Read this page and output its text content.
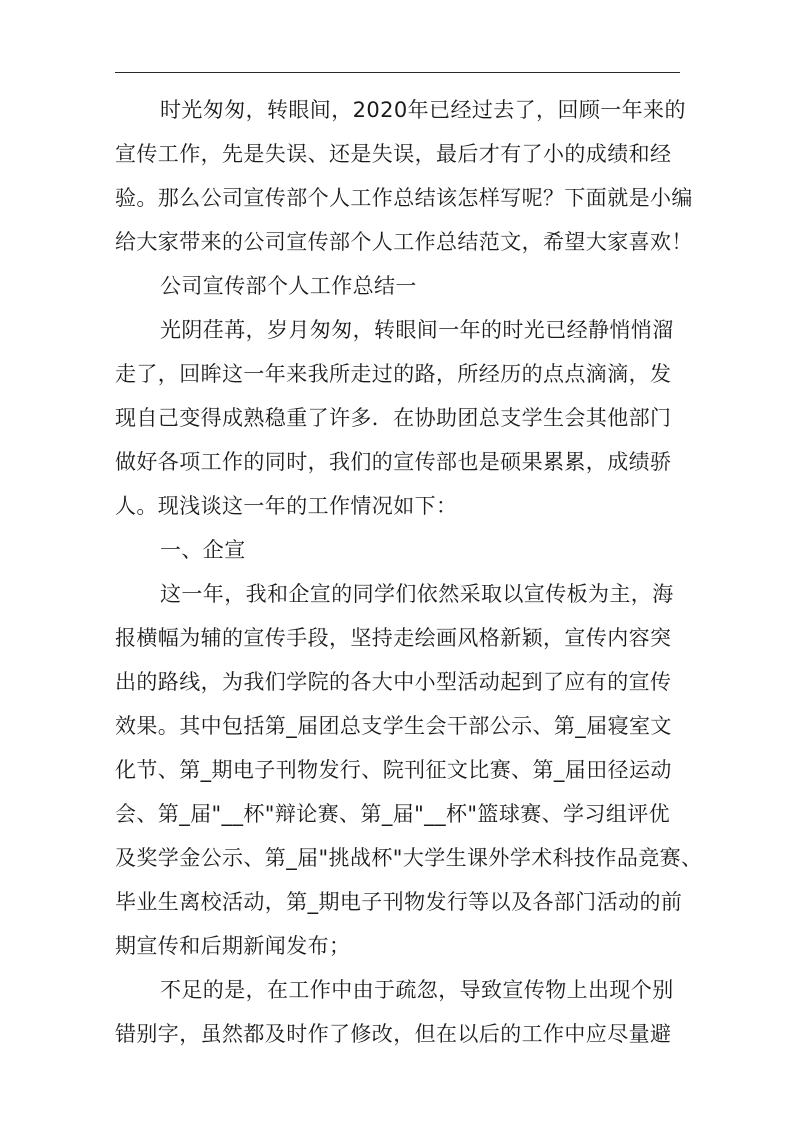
时光匆匆，转眼间，2020年已经过去了，回顾一年来的
宣传工作，先是失误、还是失误，最后才有了小的成绩和经
验。那么公司宣传部个人工作总结该怎样写呢？下面就是小编
给大家带来的公司宣传部个人工作总结范文，希望大家喜欢！
公司宣传部个人工作总结一
光阴荏苒，岁月匆匆，转眼间一年的时光已经静悄悄溜
走了，回眸这一年来我所走过的路，所经历的点点滴滴，发
现自己变得成熟稳重了许多．在协助团总支学生会其他部门
做好各项工作的同时，我们的宣传部也是硕果累累，成绩骄
人。现浅谈这一年的工作情况如下：
一、企宣
这一年，我和企宣的同学们依然采取以宣传板为主，海
报横幅为辅的宣传手段，坚持走绘画风格新颖，宣传内容突
出的路线，为我们学院的各大中小型活动起到了应有的宣传
效果。其中包括第_届团总支学生会干部公示、第_届寝室文
化节、第_期电子刊物发行、院刊征文比赛、第_届田径运动
会、第_届"__杯"辩论赛、第_届"__杯"篮球赛、学习组评优
及奖学金公示、第_届"挑战杯"大学生课外学术科技作品竞赛、
毕业生离校活动，第_期电子刊物发行等以及各部门活动的前
期宣传和后期新闻发布；
不足的是，在工作中由于疏忽，导致宣传物上出现个别
错别字，虽然都及时作了修改，但在以后的工作中应尽量避
